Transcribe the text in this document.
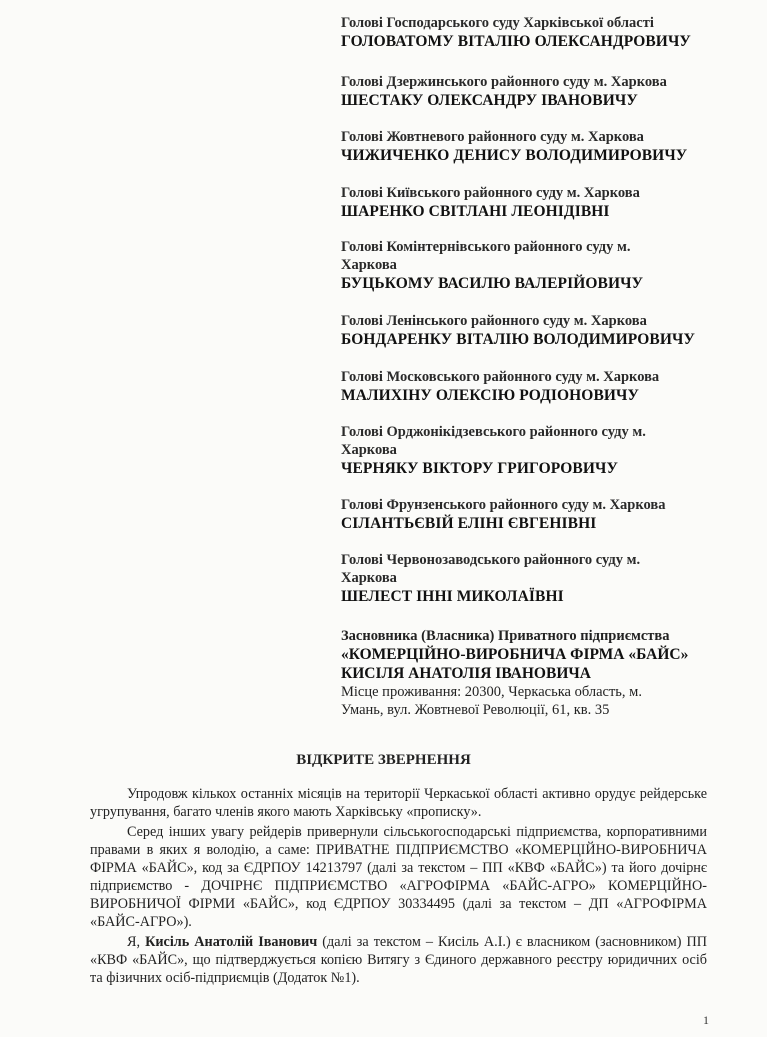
Голові Господарського суду Харківської області
ГОЛОВАТОМУ ВІТАЛІЮ ОЛЕКСАНДРОВИЧУ
Голові Дзержинського районного суду м. Харкова
ШЕСТАКУ ОЛЕКСАНДРУ ІВАНОВИЧУ
Голові Жовтневого районного суду м. Харкова
ЧИЖИЧЕНКО ДЕНИСУ ВОЛОДИМИРОВИЧУ
Голові Київського районного суду м. Харкова
ШАРЕНКО СВІТЛАНІ ЛЕОНІДІВНІ
Голові Комінтернівського районного суду м.
Харкова
БУЦЬКОМУ ВАСИЛЮ ВАЛЕРІЙОВИЧУ
Голові Ленінського районного суду м. Харкова
БОНДАРЕНКУ ВІТАЛІЮ ВОЛОДИМИРОВИЧУ
Голові Московського районного суду м. Харкова
МАЛИХІНУ ОЛЕКСІЮ РОДІОНОВИЧУ
Голові Орджонікідзевського районного суду м.
Харкова
ЧЕРНЯКУ ВІКТОРУ ГРИГОРОВИЧУ
Голові Фрунзенського районного суду м. Харкова
СІЛАНТЬЄВІЙ ЕЛІНІ ЄВГЕНІВНІ
Голові Червонозаводського районного суду м.
Харкова
ШЕЛЕСТ ІННІ МИКОЛАЇВНІ
Засновника (Власника) Приватного підприємства
«КОМЕРЦІЙНО-ВИРОБНИЧА ФІРМА «БАЙС»
КИСІЛЯ АНАТОЛІЯ ІВАНОВИЧА
Місце проживання: 20300, Черкаська область, м.
Умань, вул. Жовтневої Революції, 61, кв. 35
ВІДКРИТЕ ЗВЕРНЕННЯ

Упродовж кількох останніх місяців на території Черкаської області активно орудує рейдерське угрупування, багато членів якого мають Харківську «прописку».

Серед інших увагу рейдерів привернули сільськогосподарські підприємства, корпоративними правами в яких я володію, а саме: ПРИВАТНЕ ПІДПРИЄМСТВО «КОМЕРЦІЙНО-ВИРОБНИЧА ФІРМА «БАЙС», код за ЄДРПОУ 14213797 (далі за текстом – ПП «КВФ «БАЙС») та його дочірнє підприємство - ДОЧІРНЄ ПІДПРИЄМСТВО «АГРОФІРМА «БАЙС-АГРО» КОМЕРЦІЙНО-ВИРОБНИЧОЇ ФІРМИ «БАЙС», код ЄДРПОУ 30334495 (далі за текстом – ДП «АГРОФІРМА «БАЙС-АГРО»).

Я, Кисіль Анатолій Іванович (далі за текстом – Кисіль А.І.) є власником (засновником) ПП «КВФ «БАЙС», що підтверджується копією Витягу з Єдиного державного реєстру юридичних осіб та фізичних осіб-підприємців (Додаток №1).

1
